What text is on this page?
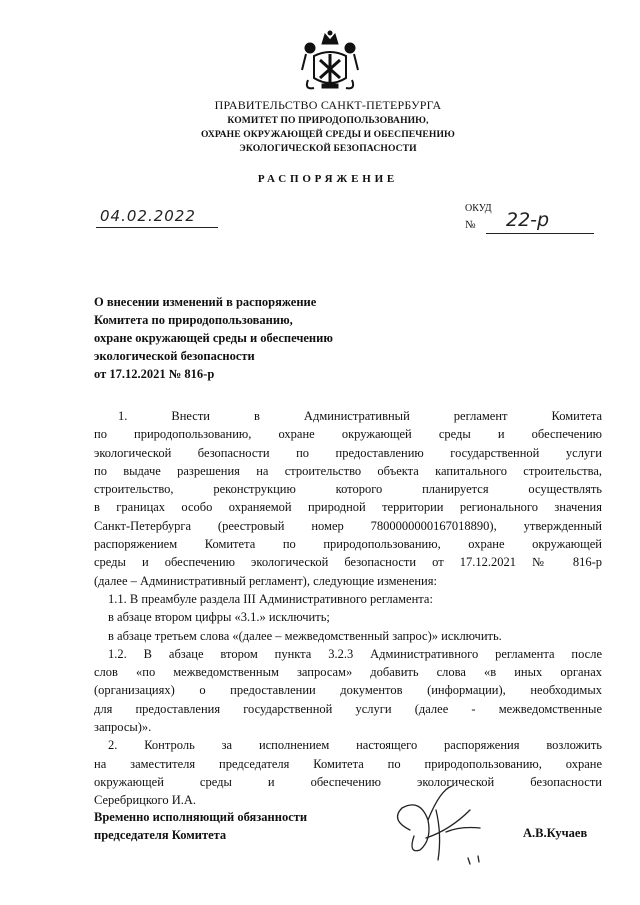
ПРАВИТЕЛЬСТВО САНКТ-ПЕТЕРБУРГА
КОМИТЕТ ПО ПРИРОДОПОЛЬЗОВАНИЮ,
ОХРАНЕ ОКРУЖАЮЩЕЙ СРЕДЫ И ОБЕСПЕЧЕНИЮ
ЭКОЛОГИЧЕСКОЙ БЕЗОПАСНОСТИ
РАСПОРЯЖЕНИЕ
04.02.2022	ОКУД
№ 22-р
О внесении изменений в распоряжение
Комитета по природопользованию,
охране окружающей среды и обеспечению
экологической безопасности
от 17.12.2021 № 816-р
1. Внести в Административный регламент Комитета
по природопользованию, охране окружающей среды и обеспечению
экологической безопасности по предоставлению государственной услуги
по выдаче разрешения на строительство объекта капитального строительства,
строительство, реконструкцию которого планируется осуществлять
в границах особо охраняемой природной территории регионального значения
Санкт-Петербурга (реестровый номер 7800000000167018890), утвержденный
распоряжением Комитета по природопользованию, охране окружающей
среды и обеспечению экологической безопасности от 17.12.2021 № 816-р
(далее – Административный регламент), следующие изменения:
1.1. В преамбуле раздела III Административного регламента:
в абзаце втором цифры «3.1.» исключить;
в абзаце третьем слова «(далее – межведомственный запрос)» исключить.
1.2. В абзаце втором пункта 3.2.3 Административного регламента после
слов «по межведомственным запросам» добавить слова «в иных органах
(организациях) о предоставлении документов (информации), необходимых
для предоставления государственной услуги (далее - межведомственные
запросы)».
2. Контроль за исполнением настоящего распоряжения возложить
на заместителя председателя Комитета по природопользованию, охране
окружающей среды и обеспечению экологической безопасности
Серебрицкого И.А.
Временно исполняющий обязанности
председателя Комитета	А.В.Кучаев
